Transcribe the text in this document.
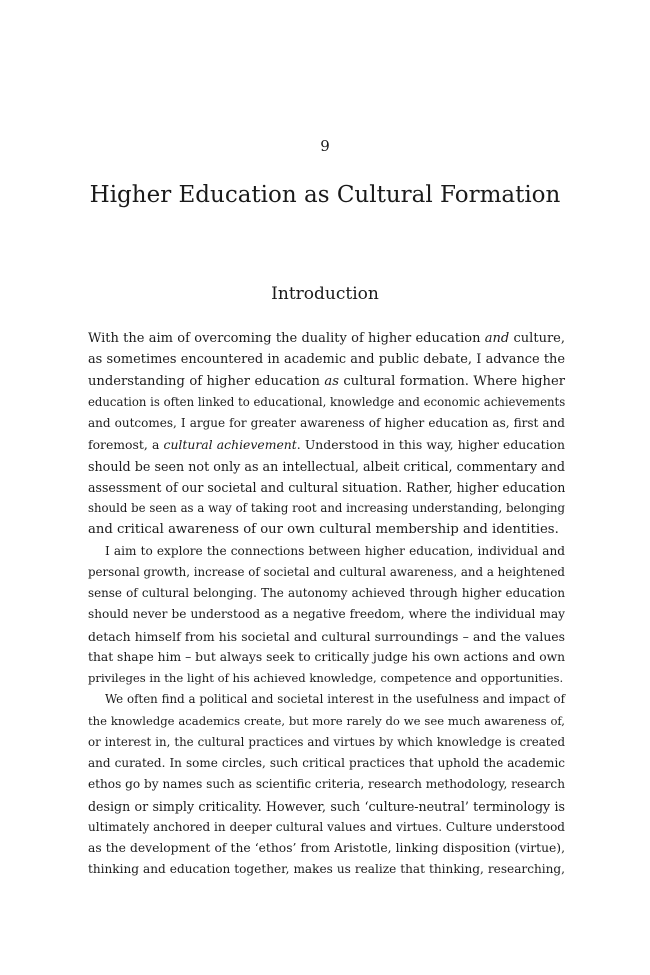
9
Higher Education as Cultural Formation
Introduction
With the aim of overcoming the duality of higher education and culture,
as sometimes encountered in academic and public debate, I advance the
understanding of higher education as cultural formation. Where higher
education is often linked to educational, knowledge and economic achievements
and outcomes, I argue for greater awareness of higher education as, first and
foremost, a cultural achievement. Understood in this way, higher education
should be seen not only as an intellectual, albeit critical, commentary and
assessment of our societal and cultural situation. Rather, higher education
should be seen as a way of taking root and increasing understanding, belonging
and critical awareness of our own cultural membership and identities.
I aim to explore the connections between higher education, individual and
personal growth, increase of societal and cultural awareness, and a heightened
sense of cultural belonging. The autonomy achieved through higher education
should never be understood as a negative freedom, where the individual may
detach himself from his societal and cultural surroundings – and the values
that shape him – but always seek to critically judge his own actions and own
privileges in the light of his achieved knowledge, competence and opportunities.
We often find a political and societal interest in the usefulness and impact of
the knowledge academics create, but more rarely do we see much awareness of,
or interest in, the cultural practices and virtues by which knowledge is created
and curated. In some circles, such critical practices that uphold the academic
ethos go by names such as scientific criteria, research methodology, research
design or simply criticality. However, such ‘culture-neutral’ terminology is
ultimately anchored in deeper cultural values and virtues. Culture understood
as the development of the ‘ethos’ from Aristotle, linking disposition (virtue),
thinking and education together, makes us realize that thinking, researching,
